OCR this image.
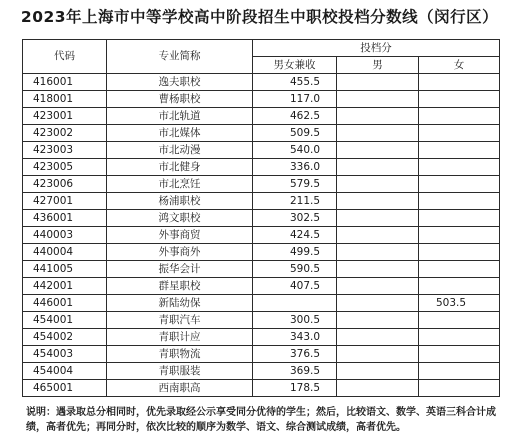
2023年上海市中等学校高中阶段招生中职校投档分数线（闵行区）
代码	专业简称	投档分		
		男女兼收	男	女
416001	逸夫职校	455.5		
418001	曹杨职校	117.0		
423001	市北轨道	462.5		
423002	市北媒体	509.5		
423003	市北动漫	540.0		
423005	市北健身	336.0		
423006	市北烹饪	579.5		
427001	杨浦职校	211.5		
436001	鸿文职校	302.5		
440003	外事商贸	424.5		
440004	外事商外	499.5		
441005	振华会计	590.5		
442001	群星职校	407.5		
446001	新陆幼保			503.5
454001	青职汽车	300.5		
454002	青职计应	343.0		
454003	青职物流	376.5		
454004	青职服装	369.5		
465001	西南职高	178.5		
说明：遇录取总分相同时，优先录取经公示享受同分优待的学生；然后，比较语文、数学、英语三科合计成绩，高者优先；再同分时，依次比较的顺序为数学、语文、综合测试成绩，高者优先。
